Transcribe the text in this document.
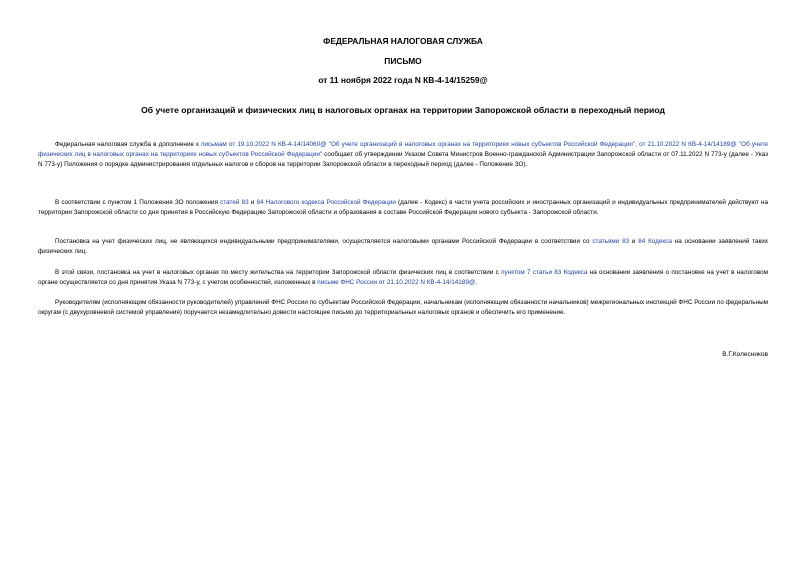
ФЕДЕРАЛЬНАЯ НАЛОГОВАЯ СЛУЖБА
ПИСЬМО
от 11 ноября 2022 года N КВ-4-14/15259@
Об учете организаций и физических лиц в налоговых органах на территории Запорожской области в переходный период

Федеральная налоговая служба в дополнение к письмам от 19.10.2022 N КВ-4-14/14060@ "Об учете организаций в налоговых органах на территориях новых субъектов Российской Федерации", от 21.10.2022 N КВ-4-14/14189@ "Об учете физических лиц в налоговых органах на территориях новых субъектов Российской Федерации" сообщает об утверждении Указом Совета Министров Военно-гражданской Администрации Запорожской области от 07.11.2022 N 773-у (далее - Указ N 773-у) Положения о порядке администрирования отдельных налогов и сборов на территории Запорожской области в переходный период (далее - Положение ЗО).

В соответствии с пунктом 1 Положения ЗО положения статей 83 и 84 Налогового кодекса Российской Федерации (далее - Кодекс) в части учета российских и иностранных организаций и индивидуальных предпринимателей действуют на территории Запорожской области со дня принятия в Российскую Федерацию Запорожской области и образования в составе Российской Федерации нового субъекта - Запорожской области.

Постановка на учет физических лиц, не являющихся индивидуальными предпринимателями, осуществляется налоговыми органами Российской Федерации в соответствии со статьями 83 и 84 Кодекса на основании заявлений таких физических лиц.

В этой связи, постановка на учет в налоговых органах по месту жительства на территории Запорожской области физических лиц в соответствии с пунктом 7 статьи 83 Кодекса на основании заявления о постановке на учет в налоговом органе осуществляется со дня принятия Указа N 773-у, с учетом особенностей, изложенных в письме ФНС России от 21.10.2022 N КВ-4-14/14189@.

Руководителям (исполняющим обязанности руководителей) управлений ФНС России по субъектам Российской Федерации, начальникам (исполняющим обязанности начальников) межрегиональных инспекций ФНС России по федеральным округам (с двухуровневой системой управления) поручается незамедлительно довести настоящее письмо до территориальных налоговых органов и обеспечить его применение.

В.Г.Колесников
